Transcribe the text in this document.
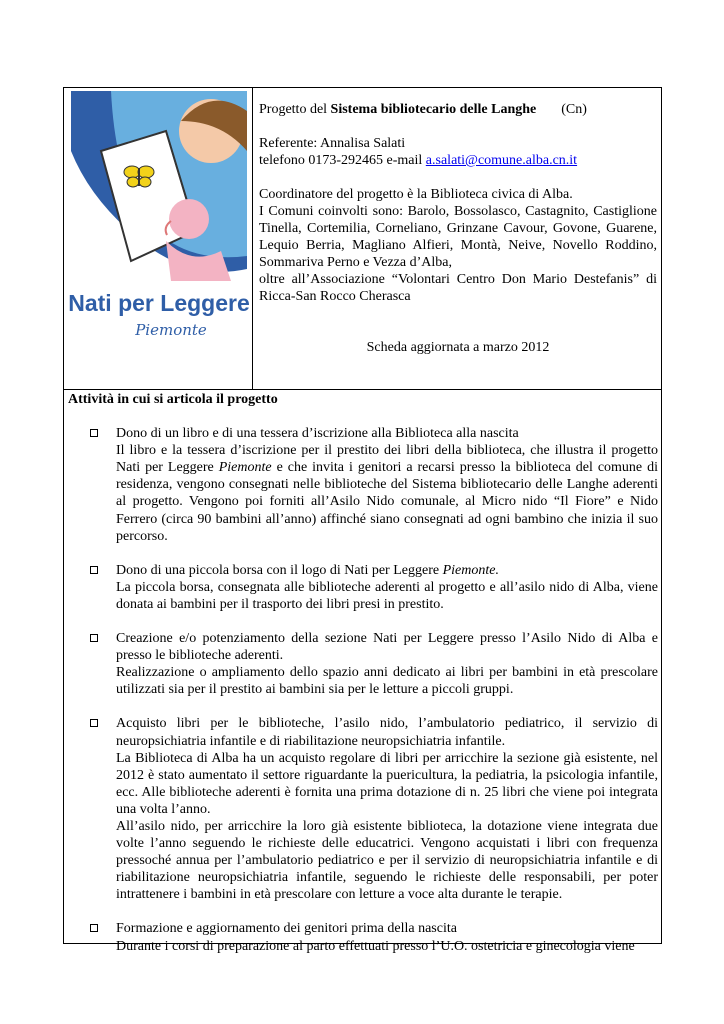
Nati per Leggere
Piemonte

Progetto del Sistema bibliotecario delle Langhe (Cn)

Referente: Annalisa Salati

telefono 0173-292465 e-mail a.salati@comune.alba.cn.it

Coordinatore del progetto è la Biblioteca civica di Alba.

I Comuni coinvolti sono: Barolo, Bossolasco, Castagnito, Castiglione Tinella, Cortemilia, Corneliano, Grinzane Cavour, Govone, Guarene, Lequio Berria, Magliano Alfieri, Montà, Neive, Novello Roddino, Sommariva Perno e Vezza d’Alba,

oltre all’Associazione “Volontari Centro Don Mario Destefanis” di Ricca-San Rocco Cherasca

Scheda aggiornata a marzo 2012

Attività in cui si articola il progetto

Dono di un libro e di una tessera d’iscrizione alla Biblioteca alla nascita

Il libro e la tessera d’iscrizione per il prestito dei libri della biblioteca, che illustra il progetto Nati per Leggere Piemonte e che invita i genitori a recarsi presso la biblioteca del comune di residenza, vengono consegnati nelle biblioteche del Sistema bibliotecario delle Langhe aderenti al progetto. Vengono poi forniti all’Asilo Nido comunale, al Micro nido “Il Fiore” e Nido Ferrero (circa 90 bambini all’anno) affinché siano consegnati ad ogni bambino che inizia il suo percorso.

Dono di una piccola borsa con il logo di Nati per Leggere Piemonte.

La piccola borsa, consegnata alle biblioteche aderenti al progetto e all’asilo nido di Alba, viene donata ai bambini per il trasporto dei libri presi in prestito.

Creazione e/o potenziamento della sezione Nati per Leggere presso l’Asilo Nido di Alba e presso le biblioteche aderenti.

Realizzazione o ampliamento dello spazio anni dedicato ai libri per bambini in età prescolare utilizzati sia per il prestito ai bambini sia per le letture a piccoli gruppi.

Acquisto libri per le biblioteche, l’asilo nido, l’ambulatorio pediatrico, il servizio di neuropsichiatria infantile e di riabilitazione neuropsichiatria infantile.

La Biblioteca di Alba ha un acquisto regolare di libri per arricchire la sezione già esistente, nel 2012 è stato aumentato il settore riguardante la puericultura, la pediatria, la psicologia infantile, ecc. Alle biblioteche aderenti è fornita una prima dotazione di n. 25 libri che viene poi integrata una volta l’anno.

All’asilo nido, per arricchire la loro già esistente biblioteca, la dotazione viene integrata due volte l’anno seguendo le richieste delle educatrici. Vengono acquistati i libri con frequenza pressoché annua per l’ambulatorio pediatrico e per il servizio di neuropsichiatria infantile e di riabilitazione neuropsichiatria infantile, seguendo le richieste delle responsabili, per poter intrattenere i bambini in età prescolare con letture a voce alta durante le terapie.

Formazione e aggiornamento dei genitori prima della nascita

Durante i corsi di preparazione al parto effettuati presso l’U.O. ostetricia e ginecologia viene
